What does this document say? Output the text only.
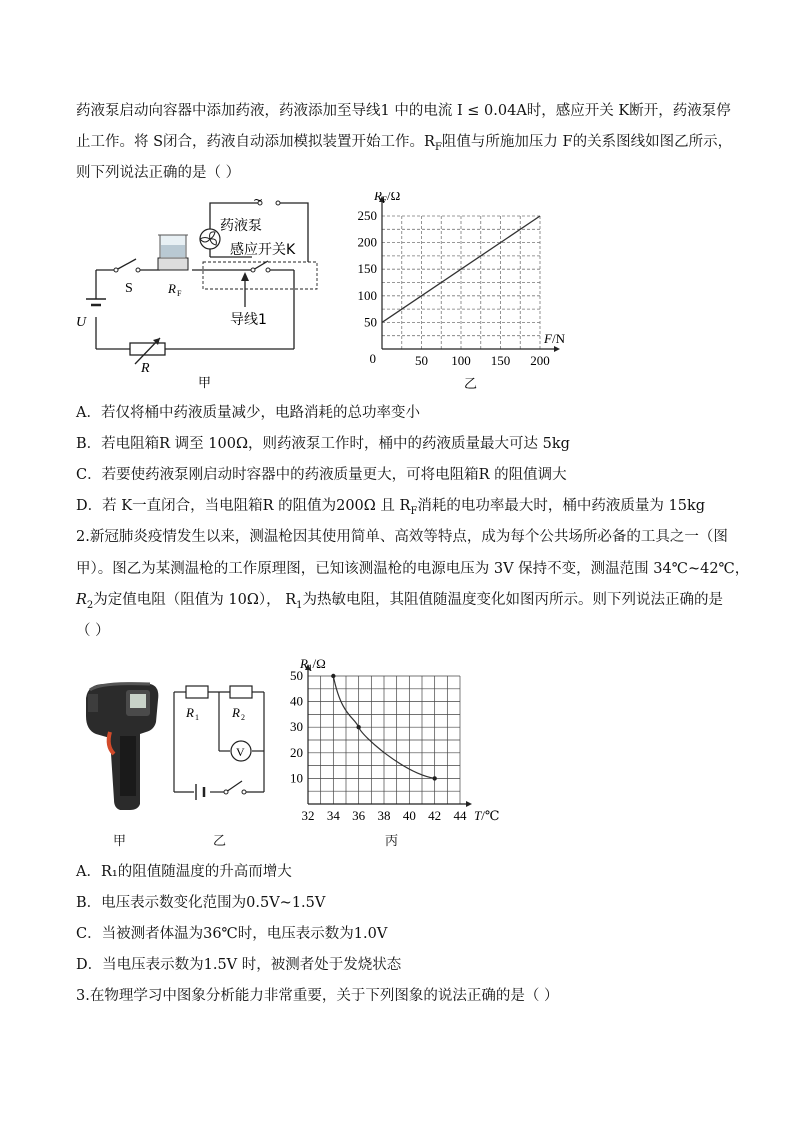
药液泵启动向容器中添加药液，药液添加至导线1 中的电流 I ≤ 0.04A时，感应开关 K断开，药液泵停
止工作。将 S闭合，药液自动添加模拟装置开始工作。$R_F$阻值与所施加压力 F的关系图线如图乙所示，
则下列说法正确的是（ ）
~
药液泵
感应开关K
S	R F
U
R
导线1
甲
50 100 150 200
50
100
150
200
250
0
$R_F/\Omega$
F/N
乙
A．若仅将桶中药液质量减少，电路消耗的总功率变小
B．若电阻箱R 调至 100Ω，则药液泵工作时，桶中的药液质量最大可达 5kg
C．若要使药液泵刚启动时容器中的药液质量更大，可将电阻箱R 的阻值调大
D．若 K一直闭合，当电阻箱R 的阻值为200Ω 且 $R_F$消耗的电功率最大时，桶中药液质量为 15kg
2.新冠肺炎疫情发生以来，测温枪因其使用简单、高效等特点，成为每个公共场所必备的工具之一（图
甲）。图乙为某测温枪的工作原理图，已知该测温枪的电源电压为 3V 保持不变，测温范围 34℃~42℃，
$R_2$为定值电阻（阻值为 10Ω）， $R_1$为热敏电阻，其阻值随温度变化如图丙所示。则下列说法正确的是
（ ）
V
R 1	R 2
32 34 36 38 40 42 44
10
20
30
40
50
$R_1/\Omega$
T/℃
甲	乙	丙
A．R₁的阻值随温度的升高而增大
B．电压表示数变化范围为0.5V~1.5V
C．当被测者体温为36℃时，电压表示数为1.0V
D．当电压表示数为1.5V 时，被测者处于发烧状态
3.在物理学习中图象分析能力非常重要，关于下列图象的说法正确的是（ ）
